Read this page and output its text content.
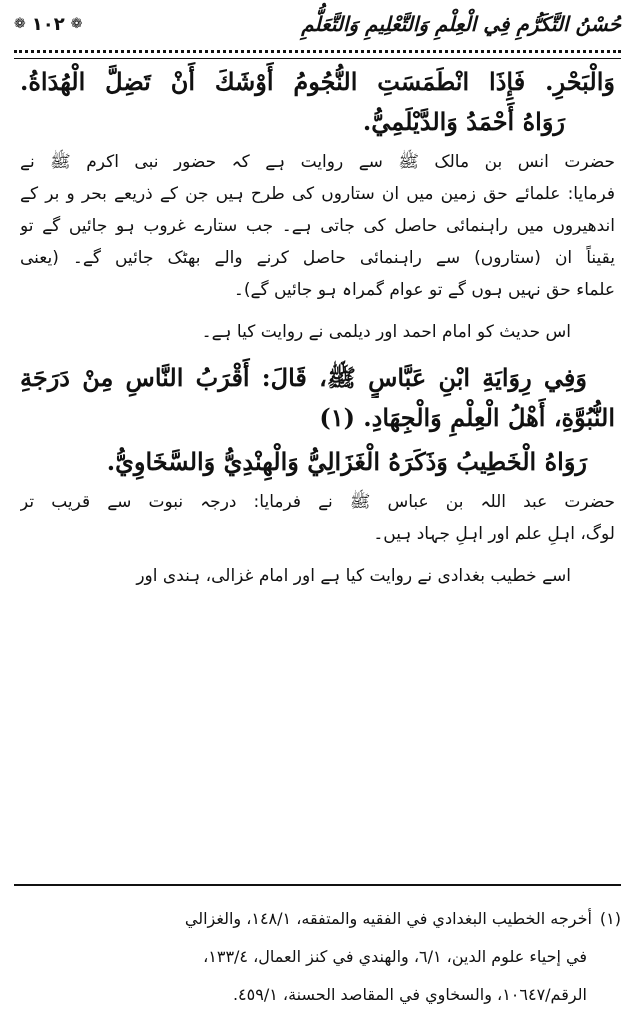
❁ ١٠٢ ❁	حُسْنُ التَّكَرُّمِ فِي الْعِلْمِ وَالتَّعْلِيمِ وَالتَّعَلُّمِ
وَالْبَحْرِ. فَإِذَا انْطَمَسَتِ النُّجُومُ أَوْشَكَ أَنْ تَضِلَّ الْهُدَاةُ.
رَوَاهُ أَحْمَدُ وَالدَّيْلَمِيُّ.
حضرت انس بن مالک ﷺ سے روایت ہے کہ حضور نبی اکرم ﷺ نے
فرمایا: علمائے حق زمین میں ان ستاروں کی طرح ہیں جن کے ذریعے بحر و بر کے
اندھیروں میں راہنمائی حاصل کی جاتی ہے۔ جب ستارے غروب ہو جائیں گے تو
یقیناً ان (ستاروں) سے راہنمائی حاصل کرنے والے بھٹک جائیں گے۔ (یعنی
علماء حق نہیں ہوں گے تو عوام گمراہ ہو جائیں گے)۔
اس حدیث کو امام احمد اور دیلمی نے روایت کیا ہے۔
وَفِي رِوَايَةِ ابْنِ عَبَّاسٍ ﷺ، قَالَ: أَقْرَبُ النَّاسِ مِنْ دَرَجَةِ
النُّبُوَّةِ، أَهْلُ الْعِلْمِ وَالْجِهَادِ. (١)
رَوَاهُ الْخَطِيبُ وَذَكَرَهُ الْغَزَالِيُّ وَالْهِنْدِيُّ وَالسَّخَاوِيُّ.
حضرت عبد اللہ بن عباس ﷺ نے فرمایا: درجہ نبوت سے قریب تر
لوگ، اہلِ علم اور اہلِ جہاد ہیں۔
اسے خطیب بغدادی نے روایت کیا ہے اور امام غزالی، ہندی اور
(١)أخرجه الخطيب البغدادي في الفقيه والمتفقه، ١٤٨/١، والغزالي
في إحياء علوم الدين، ٦/١، والهندي في كنز العمال، ١٣٣/٤،
الرقم/١٠٦٤٧، والسخاوي في المقاصد الحسنة، ٤٥٩/١.
